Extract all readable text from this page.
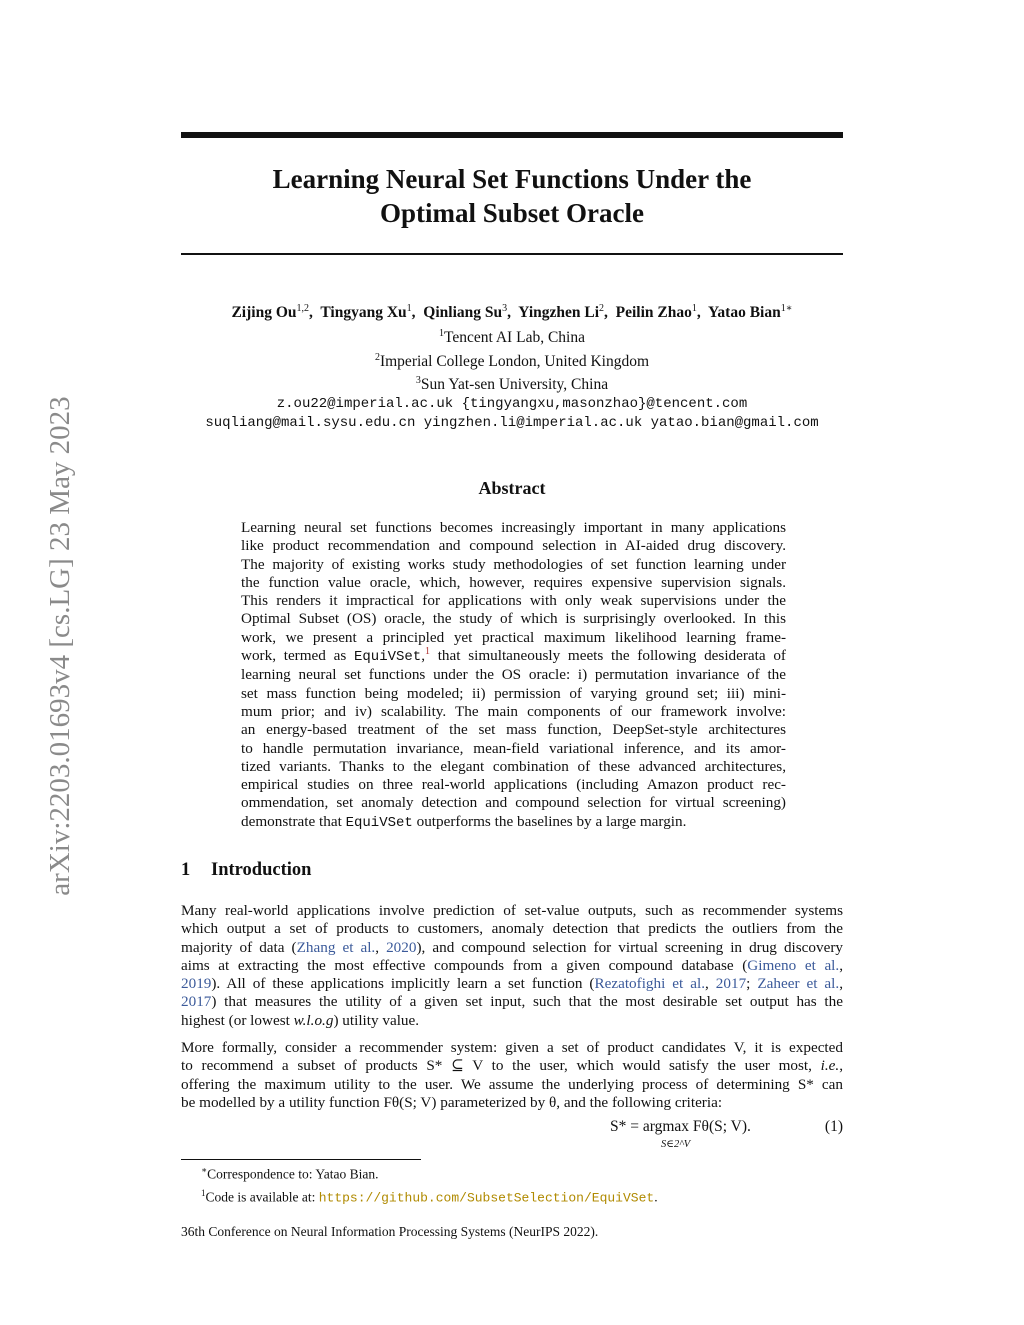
arXiv:2203.01693v4 [cs.LG] 23 May 2023
Learning Neural Set Functions Under the
Optimal Subset Oracle
Zijing Ou$^{1,2}$,  Tingyang Xu$^1$,  Qinliang Su$^3$,  Yingzhen Li$^2$,  Peilin Zhao$^1$,  Yatao Bian$^{1∗}$
$^1$Tencent AI Lab, China
$^2$Imperial College London, United Kingdom
$^3$Sun Yat-sen University, China
z.ou22@imperial.ac.uk {tingyangxu,masonzhao}@tencent.com
suqliang@mail.sysu.edu.cn yingzhen.li@imperial.ac.uk yatao.bian@gmail.com
Abstract
Learning neural set functions becomes increasingly important in many applications
like product recommendation and compound selection in AI-aided drug discovery.
The majority of existing works study methodologies of set function learning under
the function value oracle, which, however, requires expensive supervision signals.
This renders it impractical for applications with only weak supervisions under the
Optimal Subset (OS) oracle, the study of which is surprisingly overlooked. In this
work, we present a principled yet practical maximum likelihood learning frame-
work, termed as EquiVSet,$^1$ that simultaneously meets the following desiderata of
learning neural set functions under the OS oracle: i) permutation invariance of the
set mass function being modeled; ii) permission of varying ground set; iii) mini-
mum prior; and iv) scalability. The main components of our framework involve:
an energy-based treatment of the set mass function, DeepSet-style architectures
to handle permutation invariance, mean-field variational inference, and its amor-
tized variants. Thanks to the elegant combination of these advanced architectures,
empirical studies on three real-world applications (including Amazon product rec-
ommendation, set anomaly detection and compound selection for virtual screening)
demonstrate that EquiVSet outperforms the baselines by a large margin.
1 Introduction
Many real-world applications involve prediction of set-value outputs, such as recommender systems
which output a set of products to customers, anomaly detection that predicts the outliers from the
majority of data (Zhang et al., 2020), and compound selection for virtual screening in drug discovery
aims at extracting the most effective compounds from a given compound database (Gimeno et al.,
2019). All of these applications implicitly learn a set function (Rezatofighi et al., 2017; Zaheer et al.,
2017) that measures the utility of a given set input, such that the most desirable set output has the
highest (or lowest w.l.o.g) utility value.
More formally, consider a recommender system: given a set of product candidates V, it is expected
to recommend a subset of products S* ⊆ V to the user, which would satisfy the user most, i.e.,
offering the maximum utility to the user. We assume the underlying process of determining S* can
be modelled by a utility function Fθ(S; V) parameterized by θ, and the following criteria:
S* = argmax Fθ(S; V).
S∈2^V
(1)
∗Correspondence to: Yatao Bian.
$^1$Code is available at: https://github.com/SubsetSelection/EquiVSet.
36th Conference on Neural Information Processing Systems (NeurIPS 2022).
